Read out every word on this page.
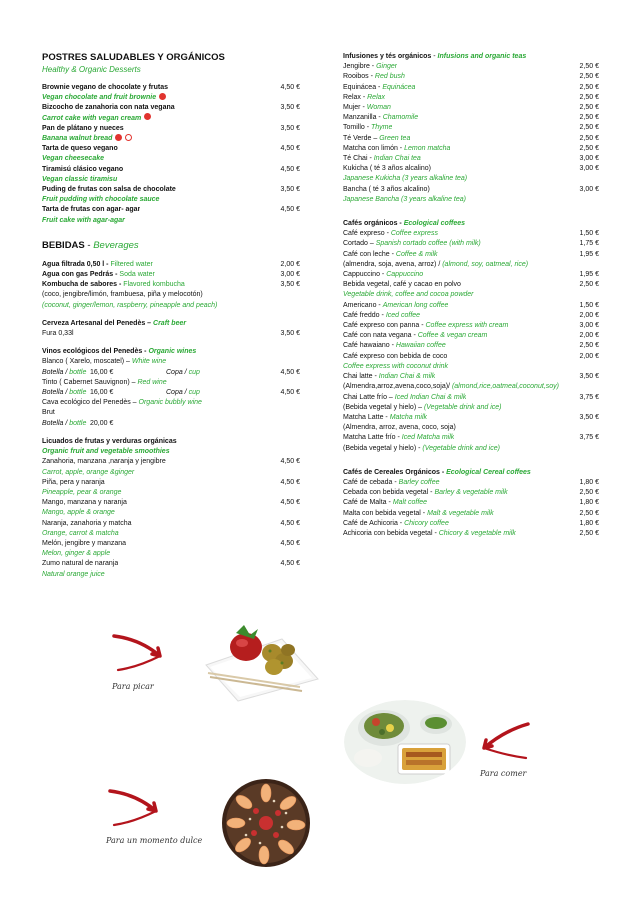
POSTRES SALUDABLES Y ORGÁNICOS
Healthy & Organic Desserts
Brownie vegano de chocolate y frutas	4,50 €
Vegan chocolate and fruit brownie
Bizcocho de zanahoria con nata vegana	3,50 €
Carrot cake with vegan cream
Pan de plátano y nueces	3,50 €
Banana walnut bread
Tarta de queso vegano	4,50 €
Vegan cheesecake
Tiramisú clásico vegano	4,50 €
Vegan classic tiramisu
Puding de frutas con salsa de chocolate	3,50 €
Fruit pudding with chocolate sauce
Tarta de frutas con agar- agar	4,50 €
Fruit cake with agar-agar
BEBIDAS - Beverages
Agua filtrada 0,50 l - Filtered water	2,00 €
Agua con gas Pedrás - Soda water	3,00 €
Kombucha de sabores - Flavored kombucha	3,50 €
(coco, jengibre/limón, frambuesa, piña y melocotón)
(coconut, ginger/lemon, raspberry, pineapple and peach)
Cerveza Artesanal del Penedès – Craft beer
Fura 0,33l	3,50 €
Vinos ecológicos del Penedès - Organic wines
Blanco ( Xarelo, moscatel) – White wine
Botella / bottle 16,00 €	Copa / cup	4,50 €
Tinto ( Cabernet Sauvignon) – Red wine
Botella / bottle 16,00 €	Copa / cup	4,50 €
Cava ecológico del Penedès – Organic bubbly wine
Brut
Botella / bottle 20,00 €
Licuados de frutas y verduras orgánicas
Organic fruit and vegetable smoothies
Zanahoria, manzana ,naranja y jengibre	4,50 €
Carrot, apple, orange &ginger
Piña, pera y naranja	4,50 €
Pineapple, pear & orange
Mango, manzana y naranja	4,50 €
Mango, apple & orange
Naranja, zanahoria y matcha	4,50 €
Orange, carrot & matcha
Melón, jengibre y manzana	4,50 €
Melon, ginger & apple
Zumo natural de naranja	4,50 €
Natural orange juice
Infusiones y tés orgánicos - Infusions and organic teas
Jengibre - Ginger	2,50 €
Rooibos - Red bush	2,50 €
Equinácea - Equinácea	2,50 €
Relax - Relax	2,50 €
Mujer - Woman	2,50 €
Manzanilla - Chamomile	2,50 €
Tomillo - Thyme	2,50 €
Té Verde – Green tea	2,50 €
Matcha con limón - Lemon matcha	2,50 €
Té Chai - Indian Chai tea	3,00 €
Kukicha ( té 3 años alcalino)	3,00 €
Japanese Kukicha (3 years alkaline tea)
Bancha ( té 3 años alcalino)	3,00 €
Japanese Bancha (3 years alkaline tea)
Cafés orgánicos - Ecological coffees
Café expreso - Coffee express	1,50 €
Cortado – Spanish cortado coffee (with milk)	1,75 €
Café con leche - Coffee & milk	1,95 €
(almendra, soja, avena, arroz) / (almond, soy, oatmeal, rice)
Cappuccino - Cappuccino	1,95 €
Bebida vegetal, café y cacao en polvo	2,50 €
Vegetable drink, coffee and cocoa powder
Americano - American long coffee	1,50 €
Café freddo - Iced coffee	2,00 €
Café expreso con panna - Coffee express with cream	3,00 €
Café con nata vegana - Coffee & vegan cream	2,00 €
Café hawaiano - Hawaiian coffee	2,50 €
Café expreso con bebida de coco	2,00 €
Coffee express with coconut drink
Chai latte - Indian Chai & milk	3,50 €
(Almendra,arroz,avena,coco,soja)/ (almond,rice,oatmeal,coconut,soy)
Chai Latte frío – Iced Indian Chai & milk	3,75 €
(Bebida vegetal y hielo) – (Vegetable drink and ice)
Matcha Latte - Matcha milk	3,50 €
(Almendra, arroz, avena, coco, soja)
Matcha Latte frío - Iced Matcha milk	3,75 €
(Bebida vegetal y hielo) - (Vegetable drink and ice)
Cafés de Cereales Orgánicos - Ecological Cereal coffees
Café de cebada - Barley coffee	1,80 €
Cebada con bebida vegetal - Barley & vegetable milk	2,50 €
Café de Malta - Malt coffee	1,80 €
Malta con bebida vegetal - Malt & vegetable milk	2,50 €
Café de Achicoria - Chicory coffee	1,80 €
Achicoria con bebida vegetal - Chicory & vegetable milk	2,50 €
Para picar
Para comer
Para un momento dulce
